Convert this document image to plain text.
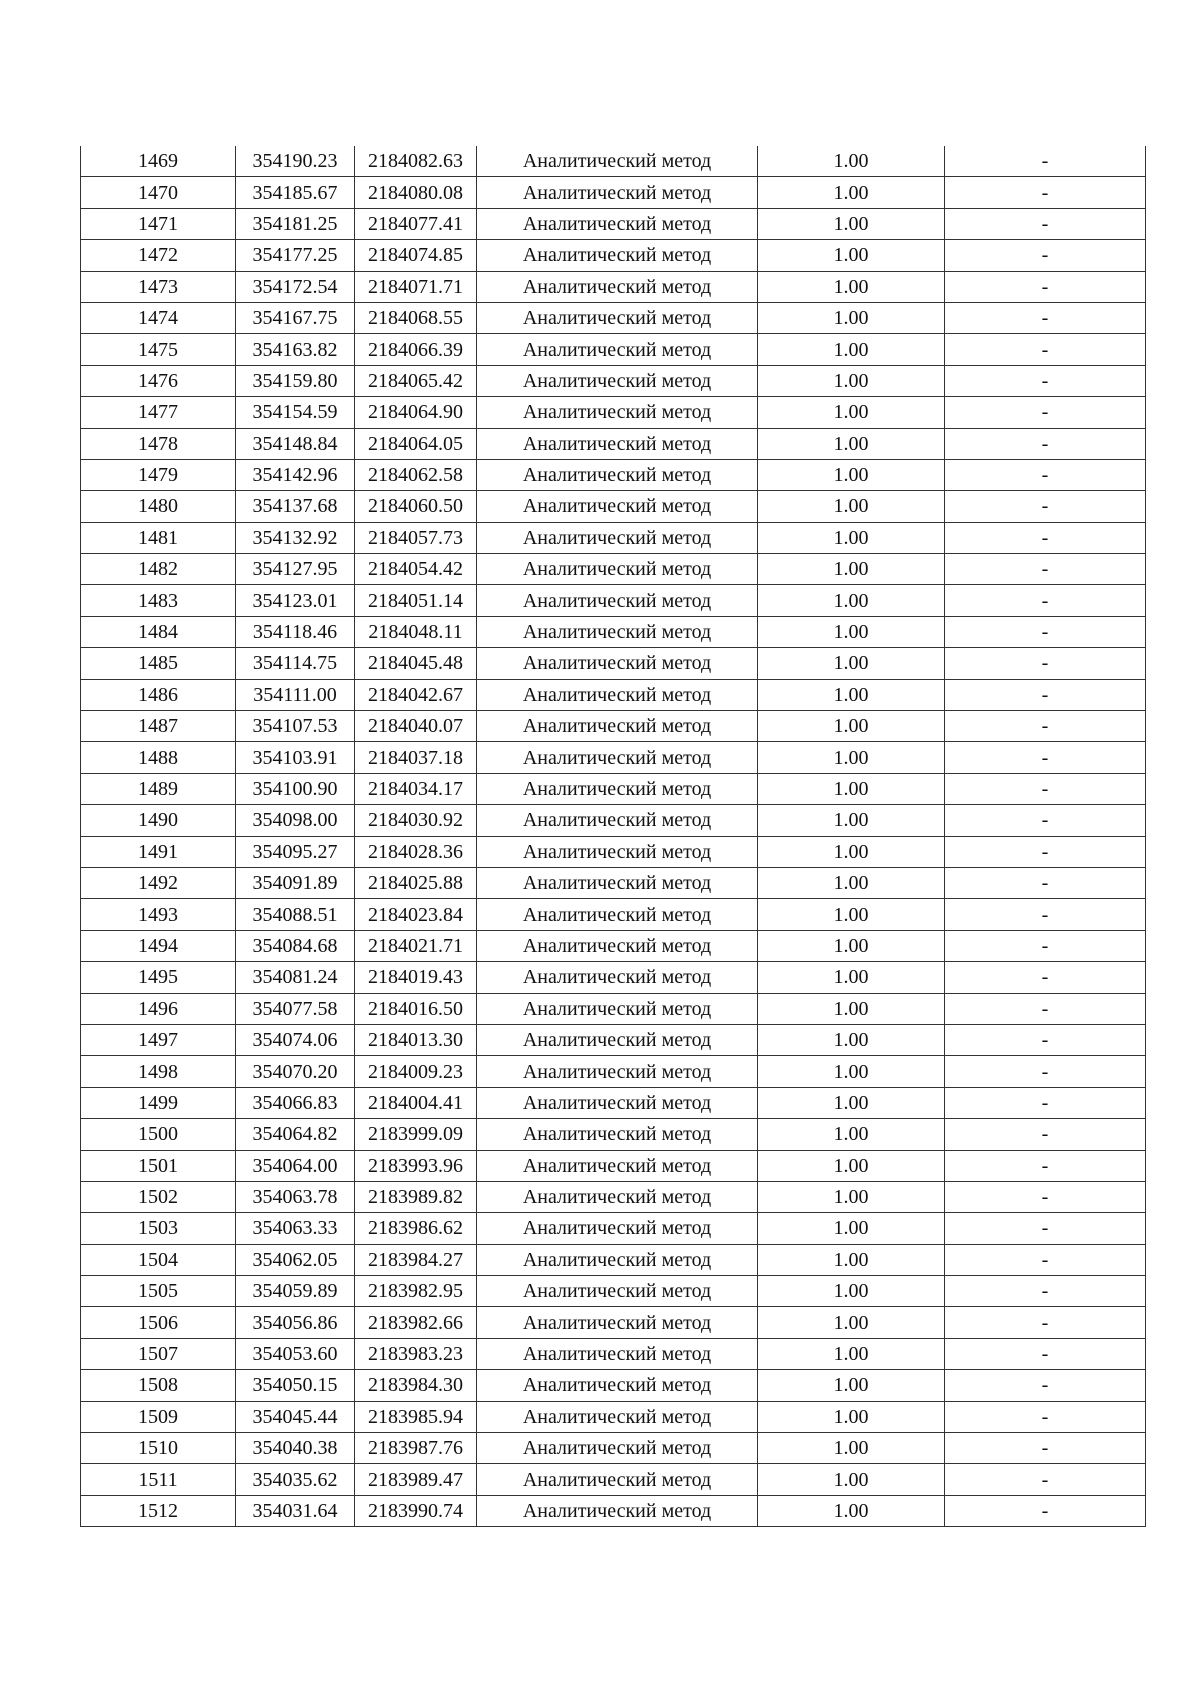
1469	354190.23	2184082.63	Аналитический метод	1.00	-
1470	354185.67	2184080.08	Аналитический метод	1.00	-
1471	354181.25	2184077.41	Аналитический метод	1.00	-
1472	354177.25	2184074.85	Аналитический метод	1.00	-
1473	354172.54	2184071.71	Аналитический метод	1.00	-
1474	354167.75	2184068.55	Аналитический метод	1.00	-
1475	354163.82	2184066.39	Аналитический метод	1.00	-
1476	354159.80	2184065.42	Аналитический метод	1.00	-
1477	354154.59	2184064.90	Аналитический метод	1.00	-
1478	354148.84	2184064.05	Аналитический метод	1.00	-
1479	354142.96	2184062.58	Аналитический метод	1.00	-
1480	354137.68	2184060.50	Аналитический метод	1.00	-
1481	354132.92	2184057.73	Аналитический метод	1.00	-
1482	354127.95	2184054.42	Аналитический метод	1.00	-
1483	354123.01	2184051.14	Аналитический метод	1.00	-
1484	354118.46	2184048.11	Аналитический метод	1.00	-
1485	354114.75	2184045.48	Аналитический метод	1.00	-
1486	354111.00	2184042.67	Аналитический метод	1.00	-
1487	354107.53	2184040.07	Аналитический метод	1.00	-
1488	354103.91	2184037.18	Аналитический метод	1.00	-
1489	354100.90	2184034.17	Аналитический метод	1.00	-
1490	354098.00	2184030.92	Аналитический метод	1.00	-
1491	354095.27	2184028.36	Аналитический метод	1.00	-
1492	354091.89	2184025.88	Аналитический метод	1.00	-
1493	354088.51	2184023.84	Аналитический метод	1.00	-
1494	354084.68	2184021.71	Аналитический метод	1.00	-
1495	354081.24	2184019.43	Аналитический метод	1.00	-
1496	354077.58	2184016.50	Аналитический метод	1.00	-
1497	354074.06	2184013.30	Аналитический метод	1.00	-
1498	354070.20	2184009.23	Аналитический метод	1.00	-
1499	354066.83	2184004.41	Аналитический метод	1.00	-
1500	354064.82	2183999.09	Аналитический метод	1.00	-
1501	354064.00	2183993.96	Аналитический метод	1.00	-
1502	354063.78	2183989.82	Аналитический метод	1.00	-
1503	354063.33	2183986.62	Аналитический метод	1.00	-
1504	354062.05	2183984.27	Аналитический метод	1.00	-
1505	354059.89	2183982.95	Аналитический метод	1.00	-
1506	354056.86	2183982.66	Аналитический метод	1.00	-
1507	354053.60	2183983.23	Аналитический метод	1.00	-
1508	354050.15	2183984.30	Аналитический метод	1.00	-
1509	354045.44	2183985.94	Аналитический метод	1.00	-
1510	354040.38	2183987.76	Аналитический метод	1.00	-
1511	354035.62	2183989.47	Аналитический метод	1.00	-
1512	354031.64	2183990.74	Аналитический метод	1.00	-
